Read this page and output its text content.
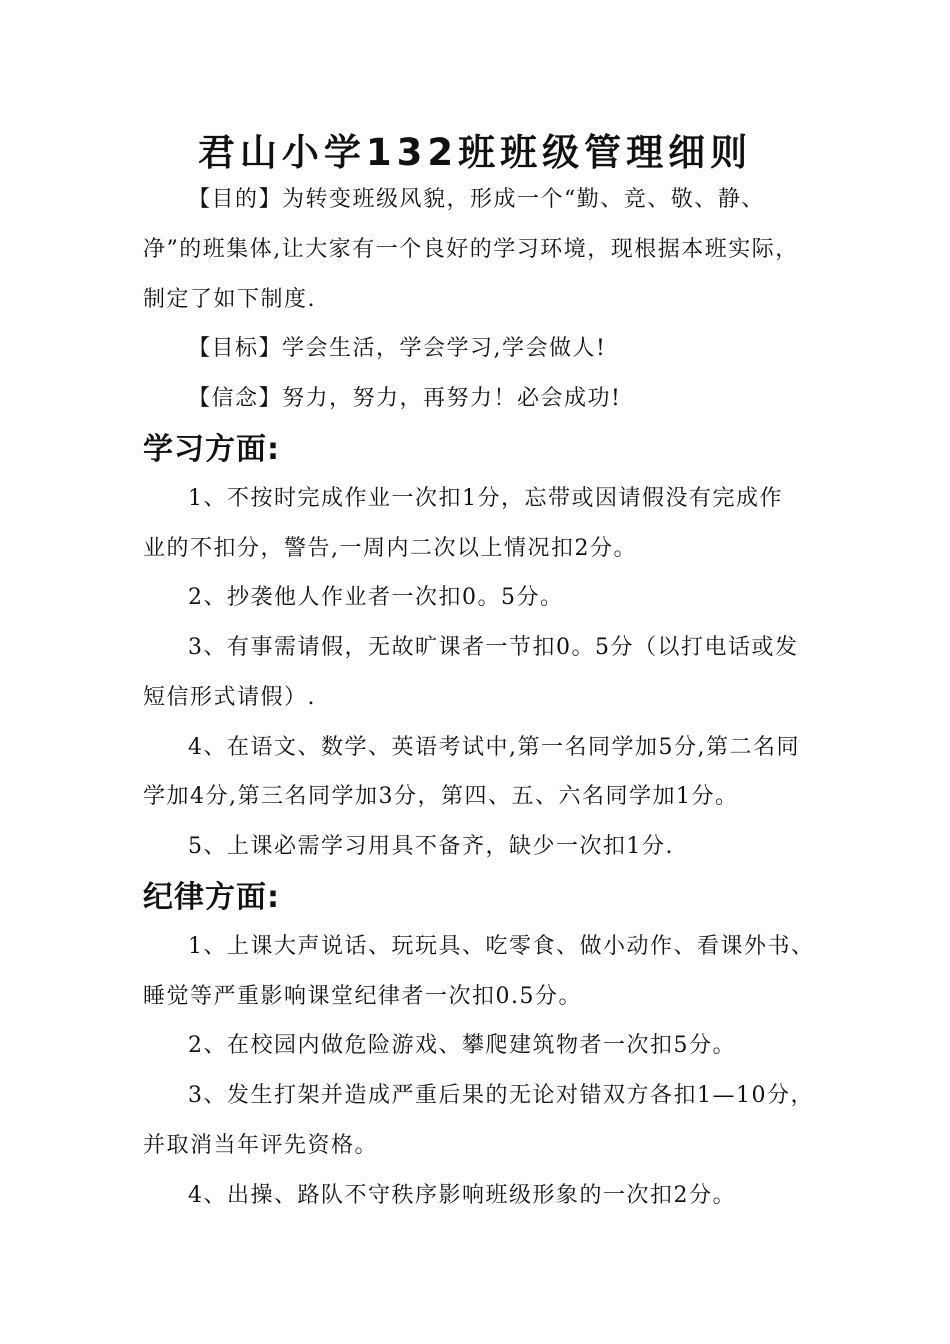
君山小学132班班级管理细则

【目的】为转变班级风貌，形成一个“勤、竞、敬、静、

净”的班集体,让大家有一个良好的学习环境，现根据本班实际，

制定了如下制度.

【目标】学会生活，学会学习,学会做人!

【信念】努力，努力，再努力！必会成功!

学习方面:

1、不按时完成作业一次扣1分，忘带或因请假没有完成作

业的不扣分，警告,一周内二次以上情况扣2分。

2、抄袭他人作业者一次扣0。5分。

3、有事需请假，无故旷课者一节扣0。5分（以打电话或发

短信形式请假）.

4、在语文、数学、英语考试中,第一名同学加5分,第二名同

学加4分,第三名同学加3分，第四、五、六名同学加1分。

5、上课必需学习用具不备齐，缺少一次扣1分.

纪律方面:

1、上课大声说话、玩玩具、吃零食、做小动作、看课外书、

睡觉等严重影响课堂纪律者一次扣0.5分。

2、在校园内做危险游戏、攀爬建筑物者一次扣5分。

3、发生打架并造成严重后果的无论对错双方各扣1—10分，

并取消当年评先资格。

4、出操、路队不守秩序影响班级形象的一次扣2分。
